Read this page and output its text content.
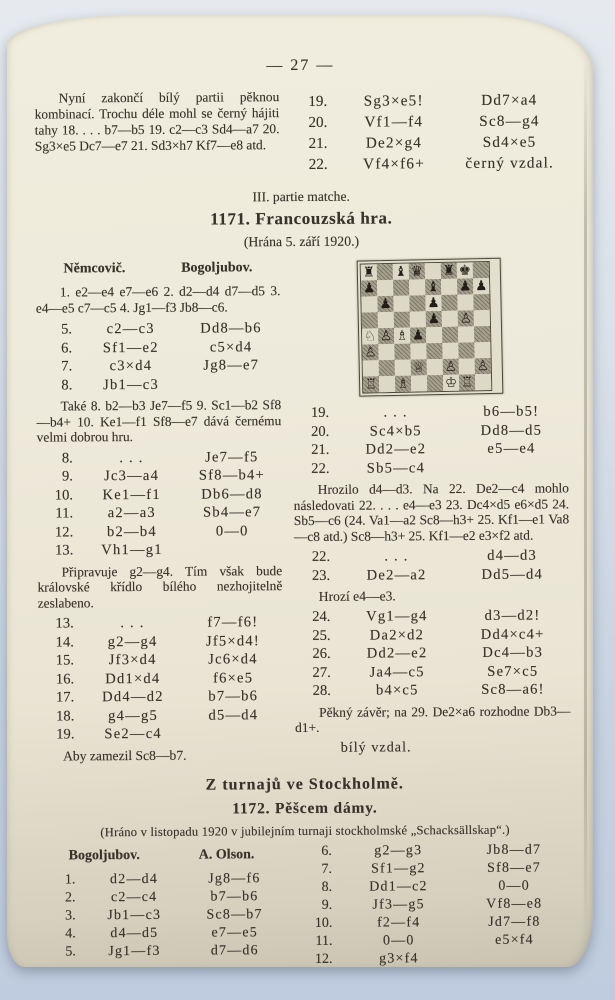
— 27 —

Nyní zakončí bílý partii pěknou kombinací. Trochu déle mohl se černý hájiti tahy 18. . . . b7—b5 19. c2—c3 Sd4—a7 20. Sg3×e5 Dc7—e7 21. Sd3×h7 Kf7—e8 atd.

19.	Sg3×e5!	Dd7×a4
20.	Vf1—f4	Sc8—g4
21.	De2×g4	Sd4×e5
22.	Vf4×f6+	černý vzdal.
III. partie matche.
1171. Francouzská hra.
(Hrána 5. září 1920.)
Němcovič.	Bogoljubov.

1. e2—e4 e7—e6 2. d2—d4 d7—d5 3. e4—e5 c7—c5 4. Jg1—f3 Jb8—c6.

5.	c2—c3	Dd8—b6
6.	Sf1—e2	c5×d4
7.	c3×d4	Jg8—e7
8.	Jb1—c3

Také 8. b2—b3 Je7—f5 9. Sc1—b2 Sf8—b4+ 10. Ke1—f1 Sf8—e7 dává černému velmi dobrou hru.

8.	. . .	Je7—f5
9.	Jc3—a4	Sf8—b4+
10.	Ke1—f1	Db6—d8
11.	a2—a3	Sb4—e7
12.	b2—b4	0—0
13.	Vh1—g1

Připravuje g2—g4. Tím však bude královské křídlo bílého nezhojitelně zeslabeno.

13.	. . .	f7—f6!
14.	g2—g4	Jf5×d4!
15.	Jf3×d4	Jc6×d4
16.	Dd1×d4	f6×e5
17.	Dd4—d2	b7—b6
18.	g4—g5	d5—d4
19.	Se2—c4

Aby zamezil Sc8—b7.

♜ ♝ ♛ ♜ ♚
♟	♝ ♟ ♟
♟	♟
♟ ♙
♘ ♙ ♗ ♟
♙
♕ ♙ ♙
♖ ♗	♔ ♖
19.	. . .	b6—b5!
20.	Sc4×b5	Dd8—d5
21.	Dd2—e2	e5—e4
22.	Sb5—c4

Hrozilo d4—d3. Na 22. De2—c4 mohlo následovati 22. . . . e4—e3 23. Dc4×d5 e6×d5 24. Sb5—c6 (24. Va1—a2 Sc8—h3+ 25. Kf1—e1 Va8—c8 atd.) Sc8—h3+ 25. Kf1—e2 e3×f2 atd.

22.	. . .	d4—d3
23.	De2—a2	Dd5—d4

Hrozí e4—e3.

24.	Vg1—g4	d3—d2!
25.	Da2×d2	Dd4×c4+
26.	Dd2—e2	Dc4—b3
27.	Ja4—c5	Se7×c5
28.	b4×c5	Sc8—a6!

Pěkný závěr; na 29. De2×a6 rozhodne Db3—d1+.

bílý vzdal.

Z turnajů ve Stockholmě.
1172. Pěšcem dámy.
(Hráno v listopadu 1920 v jubilejním turnaji stockholmské „Schacksällskap“.)
Bogoljubov.	A. Olson.
1.	d2—d4	Jg8—f6
2.	c2—c4	b7—b6
3.	Jb1—c3	Sc8—b7
4.	d4—d5	e7—e5
5.	Jg1—f3	d7—d6
6.	g2—g3	Jb8—d7
7.	Sf1—g2	Sf8—e7
8.	Dd1—c2	0—0
9.	Jf3—g5	Vf8—e8
10.	f2—f4	Jd7—f8
11.	0—0	e5×f4
12.	g3×f4
